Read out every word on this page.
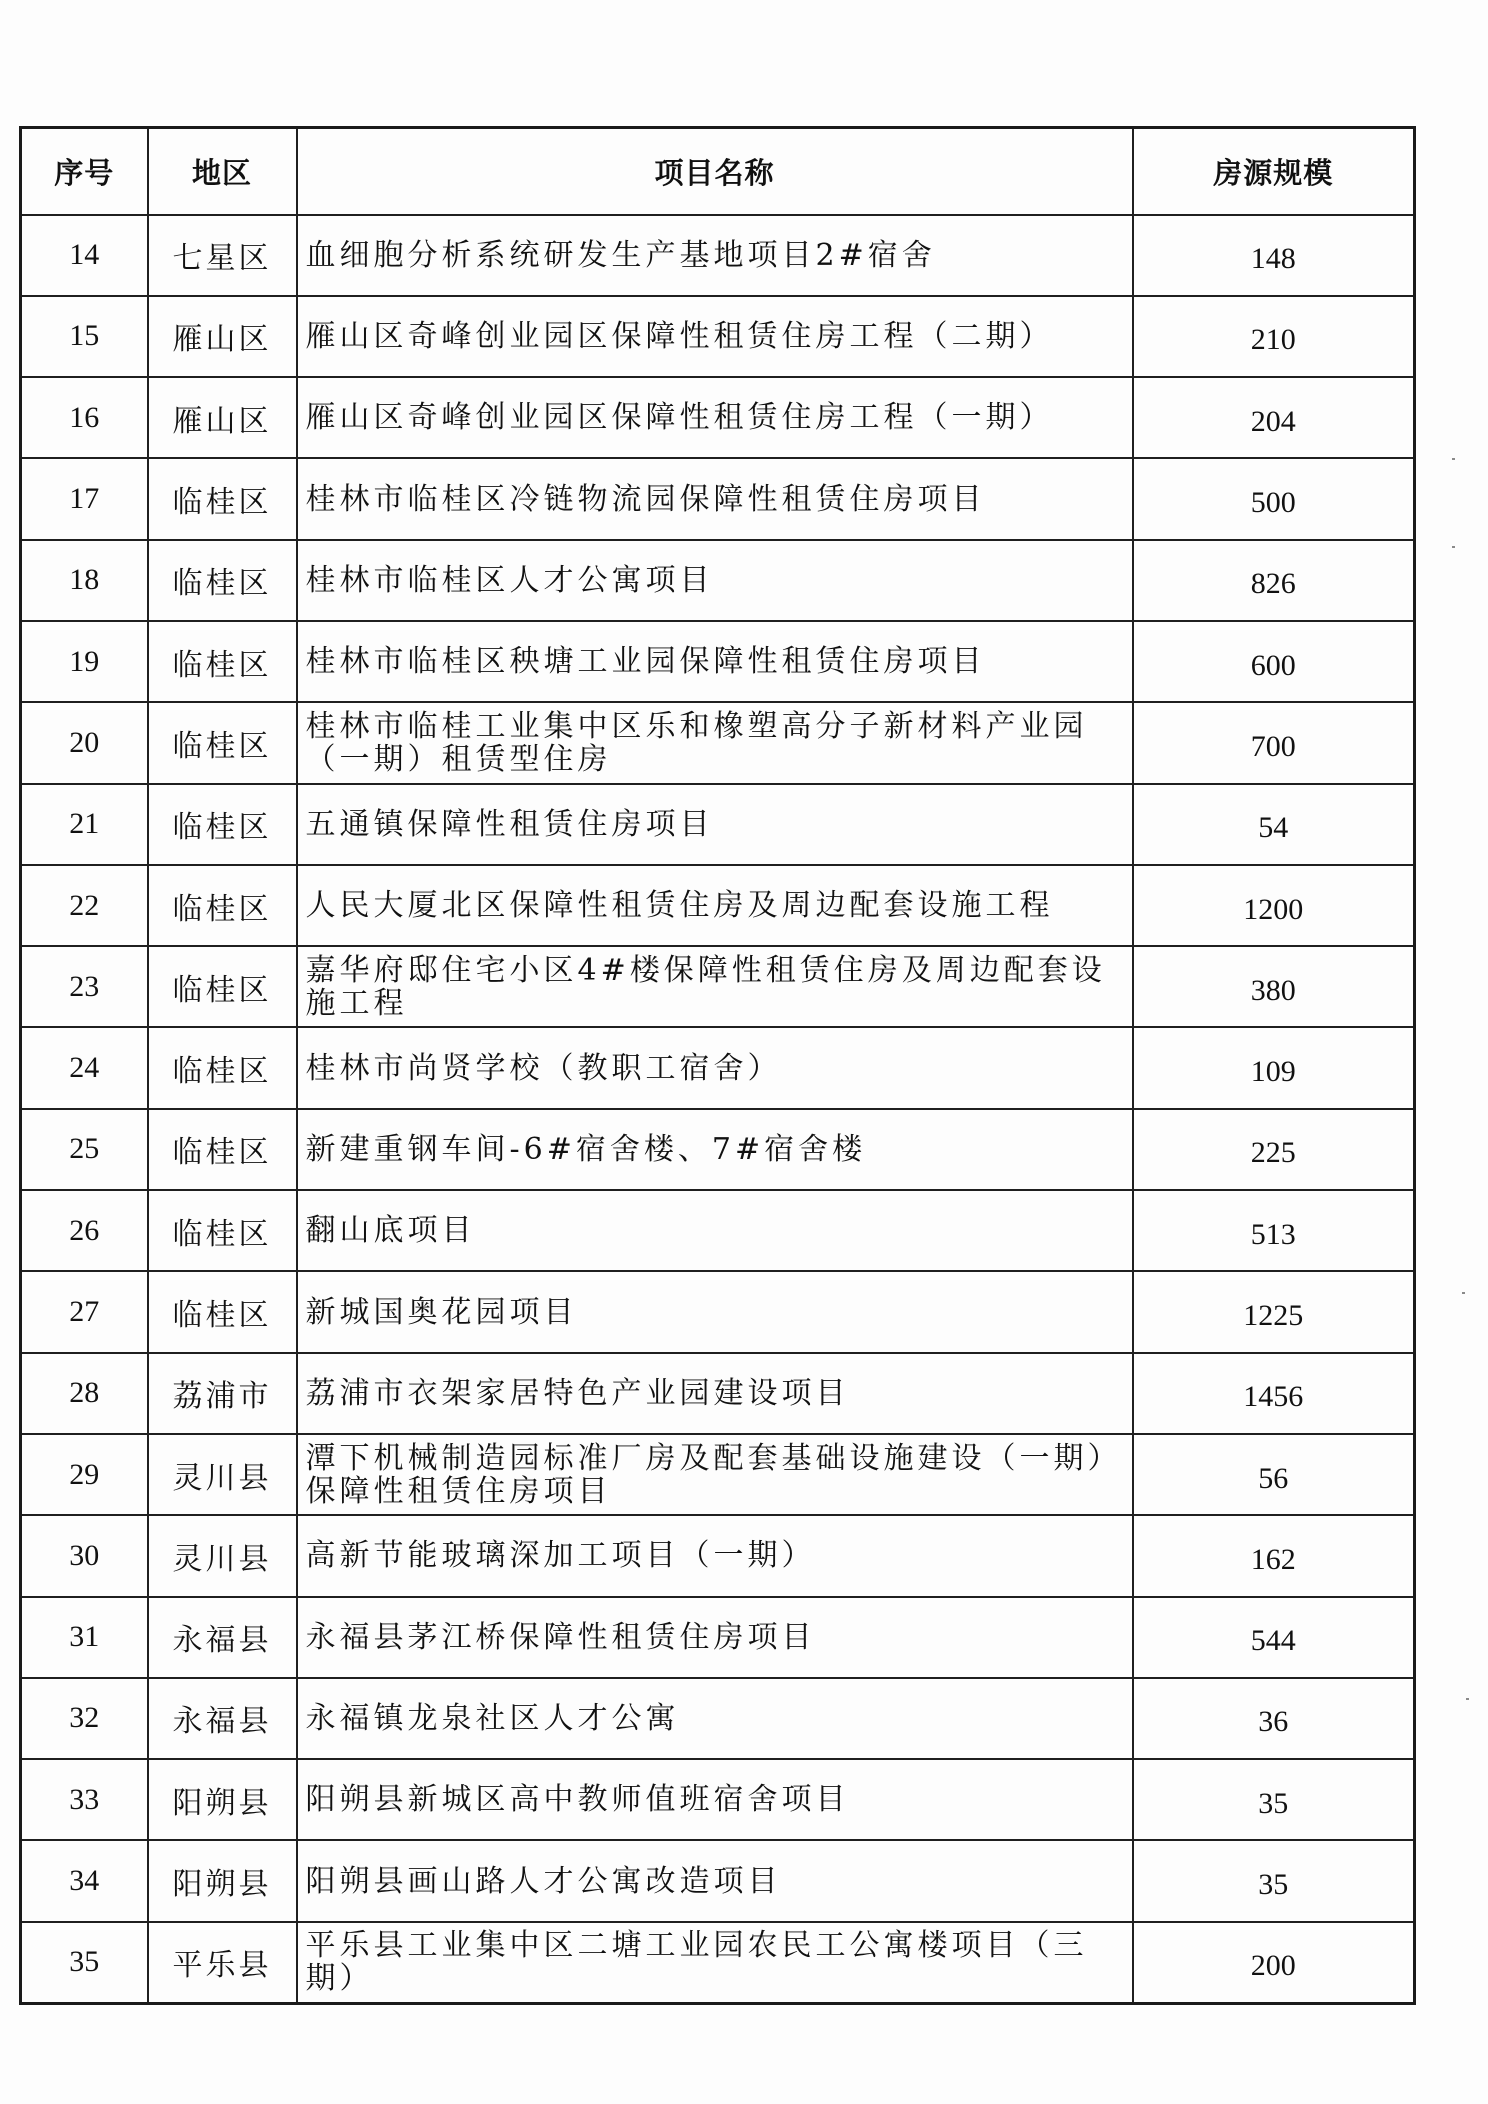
序号	地区	项目名称	房源规模
14	七星区	血细胞分析系统研发生产基地项目2#宿舍	148
15	雁山区	雁山区奇峰创业园区保障性租赁住房工程（二期）	210
16	雁山区	雁山区奇峰创业园区保障性租赁住房工程（一期）	204
17	临桂区	桂林市临桂区冷链物流园保障性租赁住房项目	500
18	临桂区	桂林市临桂区人才公寓项目	826
19	临桂区	桂林市临桂区秧塘工业园保障性租赁住房项目	600
20	临桂区	桂林市临桂工业集中区乐和橡塑高分子新材料产业园（一期）租赁型住房	700
21	临桂区	五通镇保障性租赁住房项目	54
22	临桂区	人民大厦北区保障性租赁住房及周边配套设施工程	1200
23	临桂区	嘉华府邸住宅小区4#楼保障性租赁住房及周边配套设施工程	380
24	临桂区	桂林市尚贤学校（教职工宿舍）	109
25	临桂区	新建重钢车间-6#宿舍楼、7#宿舍楼	225
26	临桂区	翻山底项目	513
27	临桂区	新城国奥花园项目	1225
28	荔浦市	荔浦市衣架家居特色产业园建设项目	1456
29	灵川县	潭下机械制造园标准厂房及配套基础设施建设（一期）保障性租赁住房项目	56
30	灵川县	高新节能玻璃深加工项目（一期）	162
31	永福县	永福县茅江桥保障性租赁住房项目	544
32	永福县	永福镇龙泉社区人才公寓	36
33	阳朔县	阳朔县新城区高中教师值班宿舍项目	35
34	阳朔县	阳朔县画山路人才公寓改造项目	35
35	平乐县	平乐县工业集中区二塘工业园农民工公寓楼项目（三期）	200
